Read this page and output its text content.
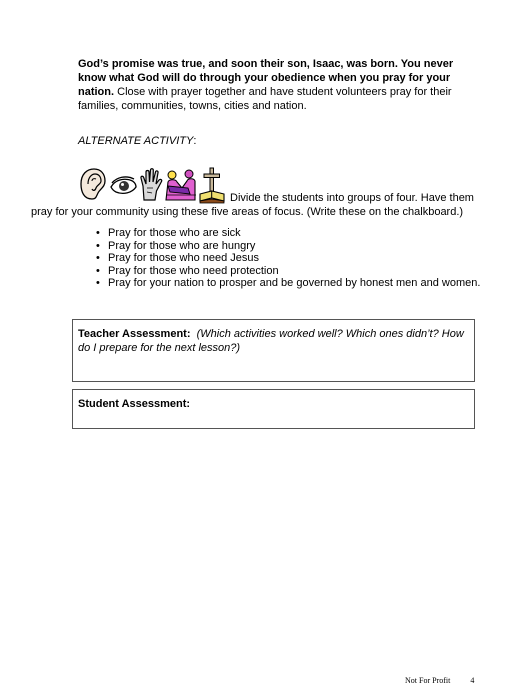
God’s promise was true, and soon their son, Isaac, was born. You never know what God will do through your obedience when you pray for your nation. Close with prayer together and have student volunteers pray for their families, communities, towns, cities and nation.
ALTERNATE ACTIVITY:
Divide the students into groups of four. Have them
pray for your community using these five areas of focus. (Write these on the chalkboard.)
• Pray for those who are sick
• Pray for those who are hungry
• Pray for those who need Jesus
• Pray for those who need protection
• Pray for your nation to prosper and be governed by honest men and women.
Teacher Assessment: (Which activities worked well? Which ones didn’t? How do I prepare for the next lesson?)
Student Assessment:
Not For Profit	4
